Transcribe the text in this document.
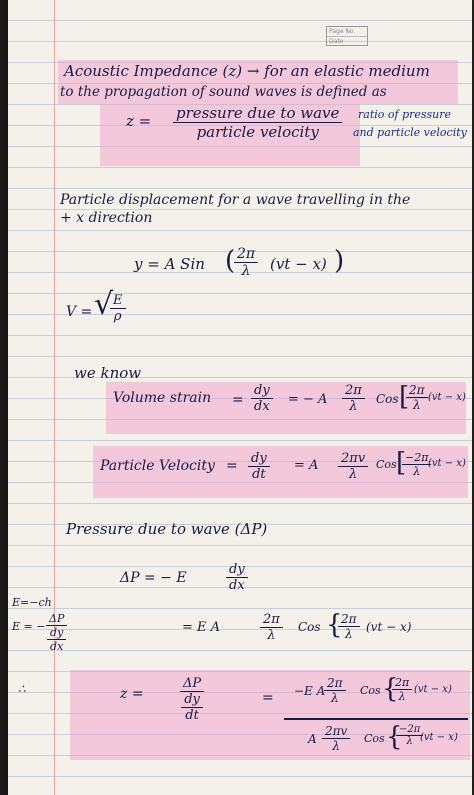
Page No.
Date
Acoustic Impedance (z) → for an elastic medium
to the propagation of sound waves is defined as
z = pressure due to wave
particle velocity
ratio of pressure
and particle velocity
Particle displacement for a wave travelling in the
+ x direction
y = A Sin (
$\frac{2\pi}{\lambda} (vt - x)$ )
V = √
$\frac{E}{\rho}$
we know
Volume strain = $\frac{dy}{dx}$ = − A $\frac{2\pi}{\lambda}$ Cos [
$\frac{2\pi}{\lambda} (vt - x)$
Particle Velocity = $\frac{dy}{dt} = A \frac{2\pi v}{\lambda}$ Cos [
$\frac{-2\pi}{\lambda}$
(vt − x)
Pressure due to wave (ΔP)
ΔP = − E	$\frac{dy}{dx}$
E=−ch
E = −
ΔP
dy
dx
= E A	$\frac{2\pi}{\lambda}$ Cos {
$\frac{2\pi}{\lambda} (vt - x)$
∴	z =
ΔP
dy
dt
= −E A
$\frac{2\pi}{\lambda}$ Cos {
$\frac{2\pi}{\lambda} (vt - x)$
A $\frac{2\pi v}{\lambda}$ Cos {
$\frac{-2\pi}{\lambda}$
(vt − x)
